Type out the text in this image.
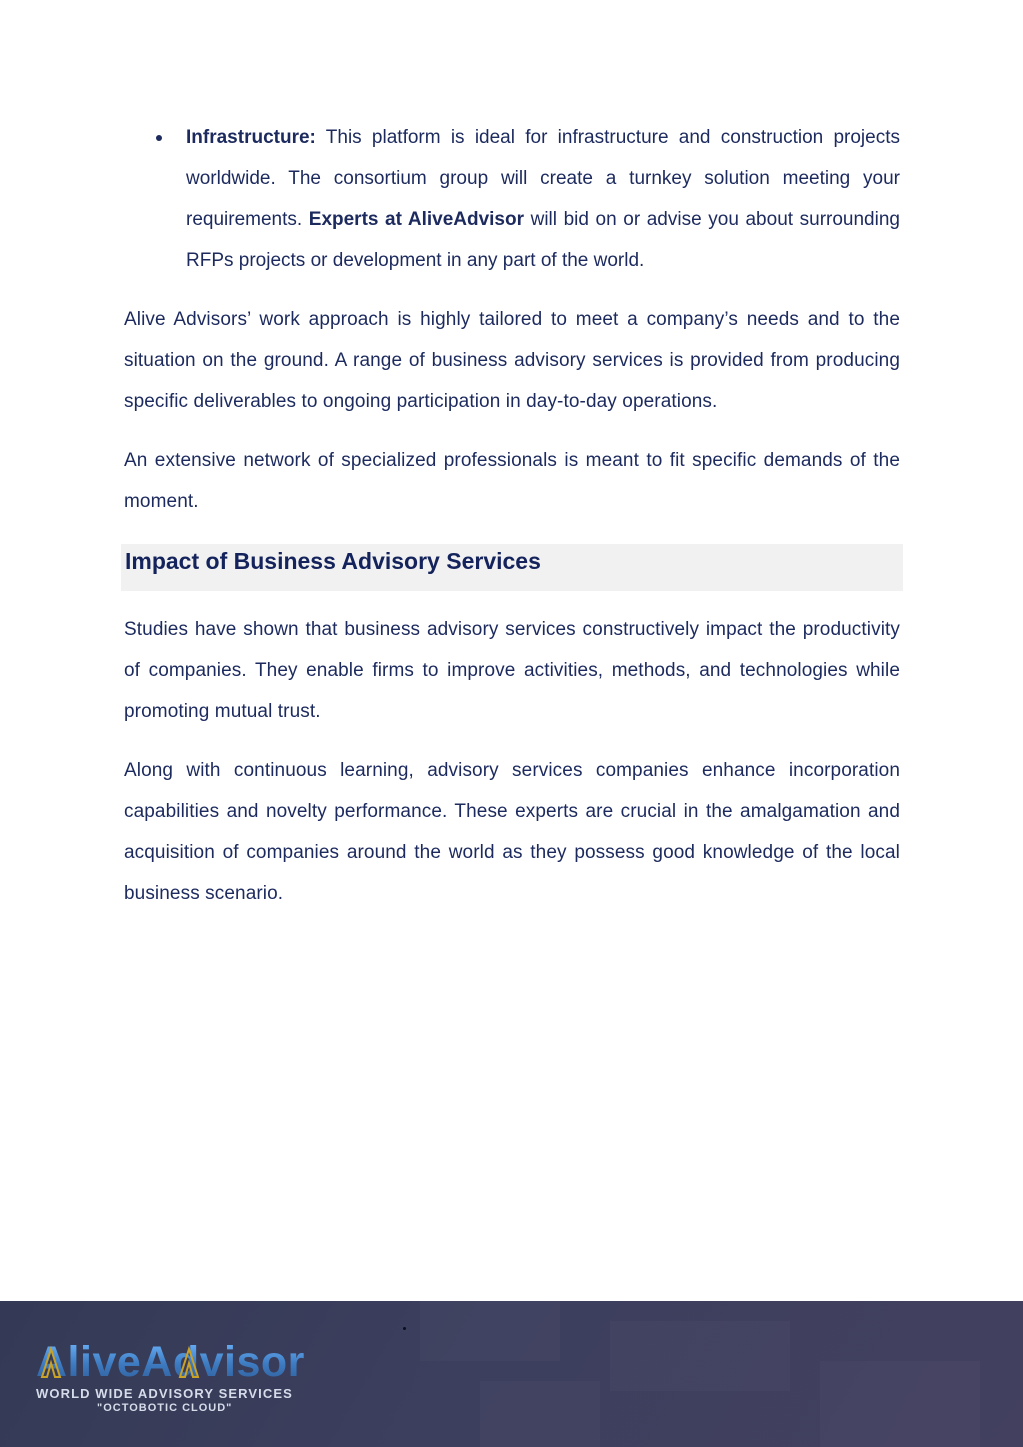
Infrastructure: This platform is ideal for infrastructure and construction projects worldwide. The consortium group will create a turnkey solution meeting your requirements. Experts at AliveAdvisor will bid on or advise you about surrounding RFPs projects or development in any part of the world.

Alive Advisors’ work approach is highly tailored to meet a company’s needs and to the situation on the ground. A range of business advisory services is provided from producing specific deliverables to ongoing participation in day-to-day operations.

An extensive network of specialized professionals is meant to fit specific demands of the moment.

Impact of Business Advisory Services

Studies have shown that business advisory services constructively impact the productivity of companies. They enable firms to improve activities, methods, and technologies while promoting mutual trust.

Along with continuous learning, advisory services companies enhance incorporation capabilities and novelty performance. These experts are crucial in the amalgamation and acquisition of companies around the world as they possess good knowledge of the local business scenario.

AliveAdvisor
WORLD WIDE ADVISORY SERVICES
"OCTOBOTIC CLOUD"
